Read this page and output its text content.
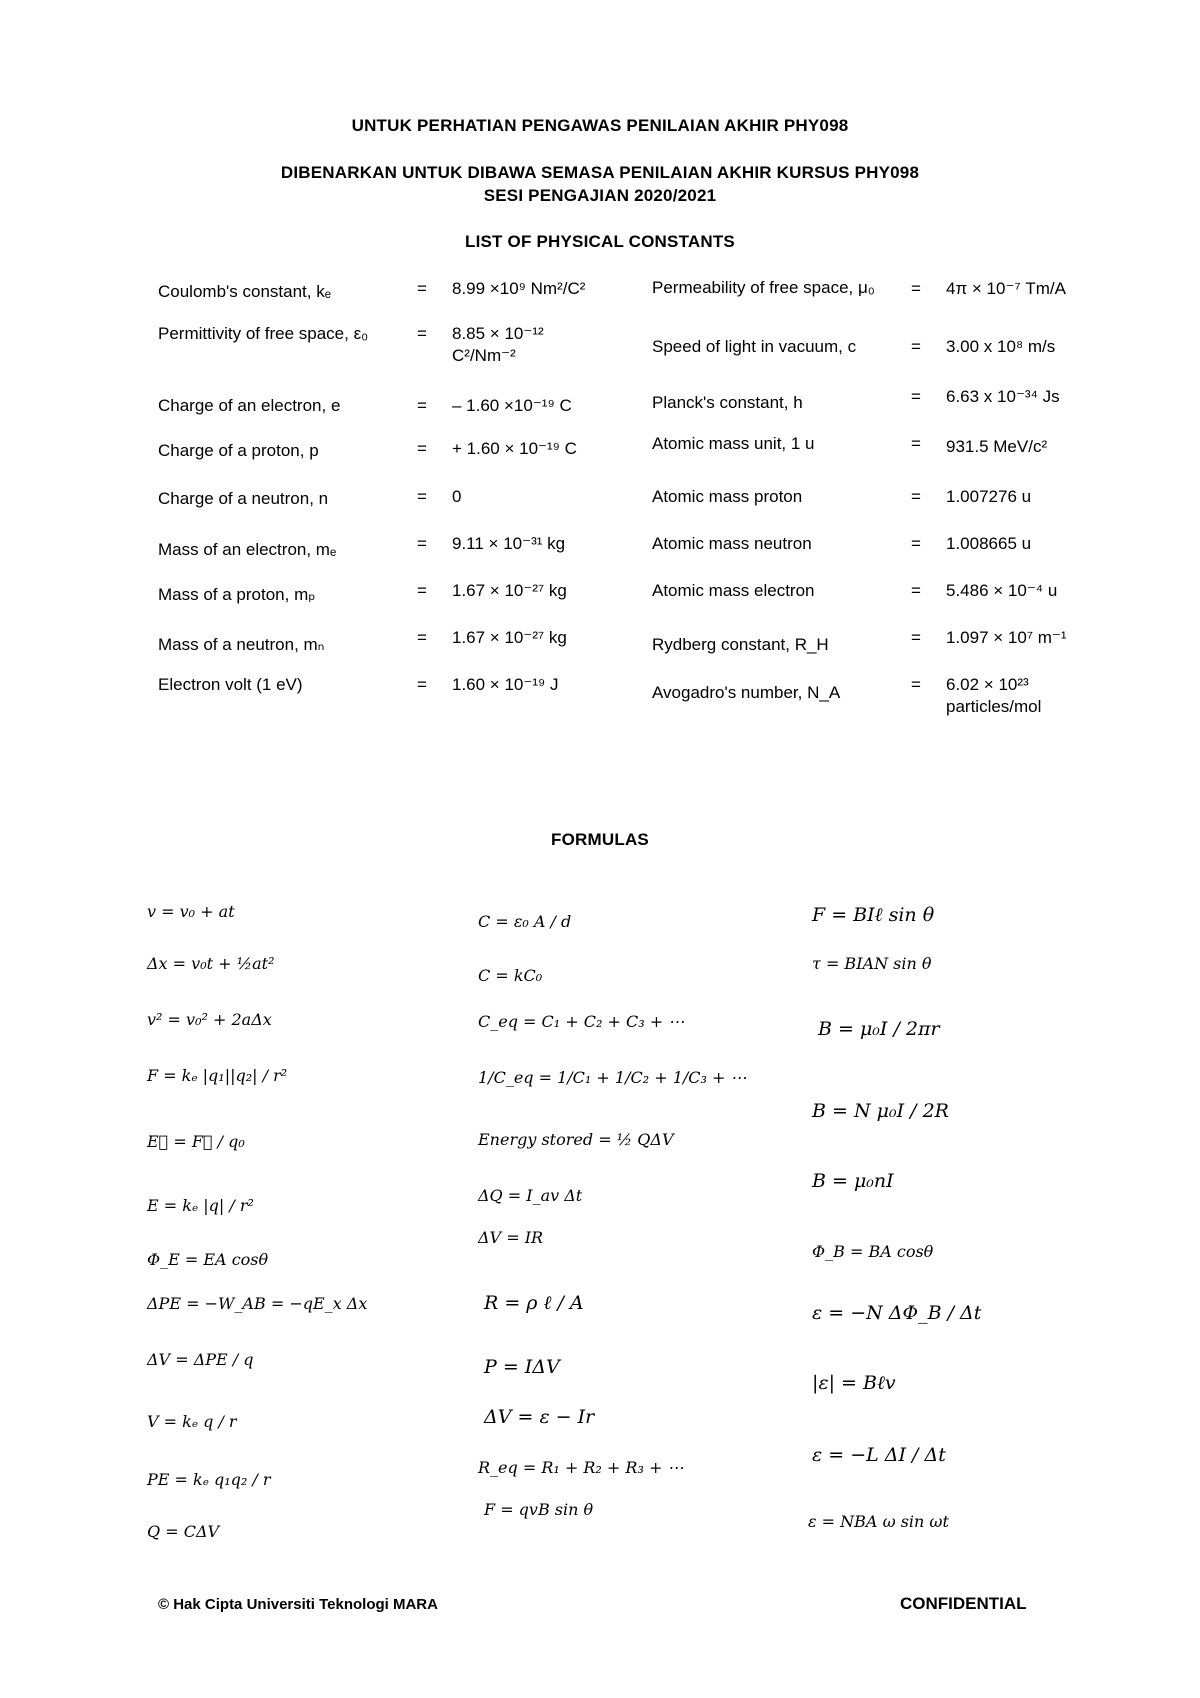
UNTUK PERHATIAN PENGAWAS PENILAIAN AKHIR PHY098
DIBENARKAN UNTUK DIBAWA SEMASA PENILAIAN AKHIR KURSUS PHY098
SESI PENGAJIAN 2020/2021
LIST OF PHYSICAL CONSTANTS
Coulomb's constant, kₑ	= 8.99 ×10⁹ Nm²/C²
Permittivity of free space, ε₀	= 8.85 × 10⁻¹² C²/Nm⁻²
Charge of an electron, e	= – 1.60 ×10⁻¹⁹ C
Charge of a proton, p	= + 1.60 × 10⁻¹⁹ C
Charge of a neutron, n	= 0
Mass of an electron, mₑ	= 9.11 × 10⁻³¹ kg
Mass of a proton, mₚ	= 1.67 × 10⁻²⁷ kg
Mass of a neutron, mₙ	= 1.67 × 10⁻²⁷ kg
Electron volt (1 eV)	= 1.60 × 10⁻¹⁹ J
Permeability of free space, μ₀	= 4π × 10⁻⁷ Tm/A
Speed of light in vacuum, c	= 3.00 x 10⁸ m/s
Planck's constant, h	= 6.63 x 10⁻³⁴ Js
Atomic mass unit, 1 u	= 931.5 MeV/c²
Atomic mass proton	= 1.007276 u
Atomic mass neutron	= 1.008665 u
Atomic mass electron	= 5.486 × 10⁻⁴ u
Rydberg constant, R_H	= 1.097 × 10⁷ m⁻¹
Avogadro's number, N_A	= 6.02 × 10²³ particles/mol
FORMULAS
v = v₀ + at
Δx = v₀t + ½at²
v² = v₀² + 2aΔx
F = kₑ |q₁||q₂| / r²
E⃗ = F⃗ / q₀
E = kₑ |q| / r²
Φ_E = EA cosθ
ΔPE = −W_AB = −qE_x Δx
ΔV = ΔPE / q
V = kₑ q / r
PE = kₑ q₁q₂ / r
Q = CΔV
C = ε₀ A / d
C = kC₀
C_eq = C₁ + C₂ + C₃ + ⋯
1/C_eq = 1/C₁ + 1/C₂ + 1/C₃ + ⋯
Energy stored = ½ QΔV
ΔQ = I_av Δt
ΔV = IR
R = ρ ℓ / A
P = IΔV
ΔV = ε − Ir
R_eq = R₁ + R₂ + R₃ + ⋯
F = qvB sin θ
F = BIℓ sin θ
τ = BIAN sin θ
B = μ₀I / 2πr
B = N μ₀I / 2R
B = μ₀nI
Φ_B = BA cosθ
ε = −N ΔΦ_B / Δt
|ε| = Bℓv
ε = −L ΔI / Δt
ε = NBA ω sin ωt
© Hak Cipta Universiti Teknologi MARA	CONFIDENTIAL
